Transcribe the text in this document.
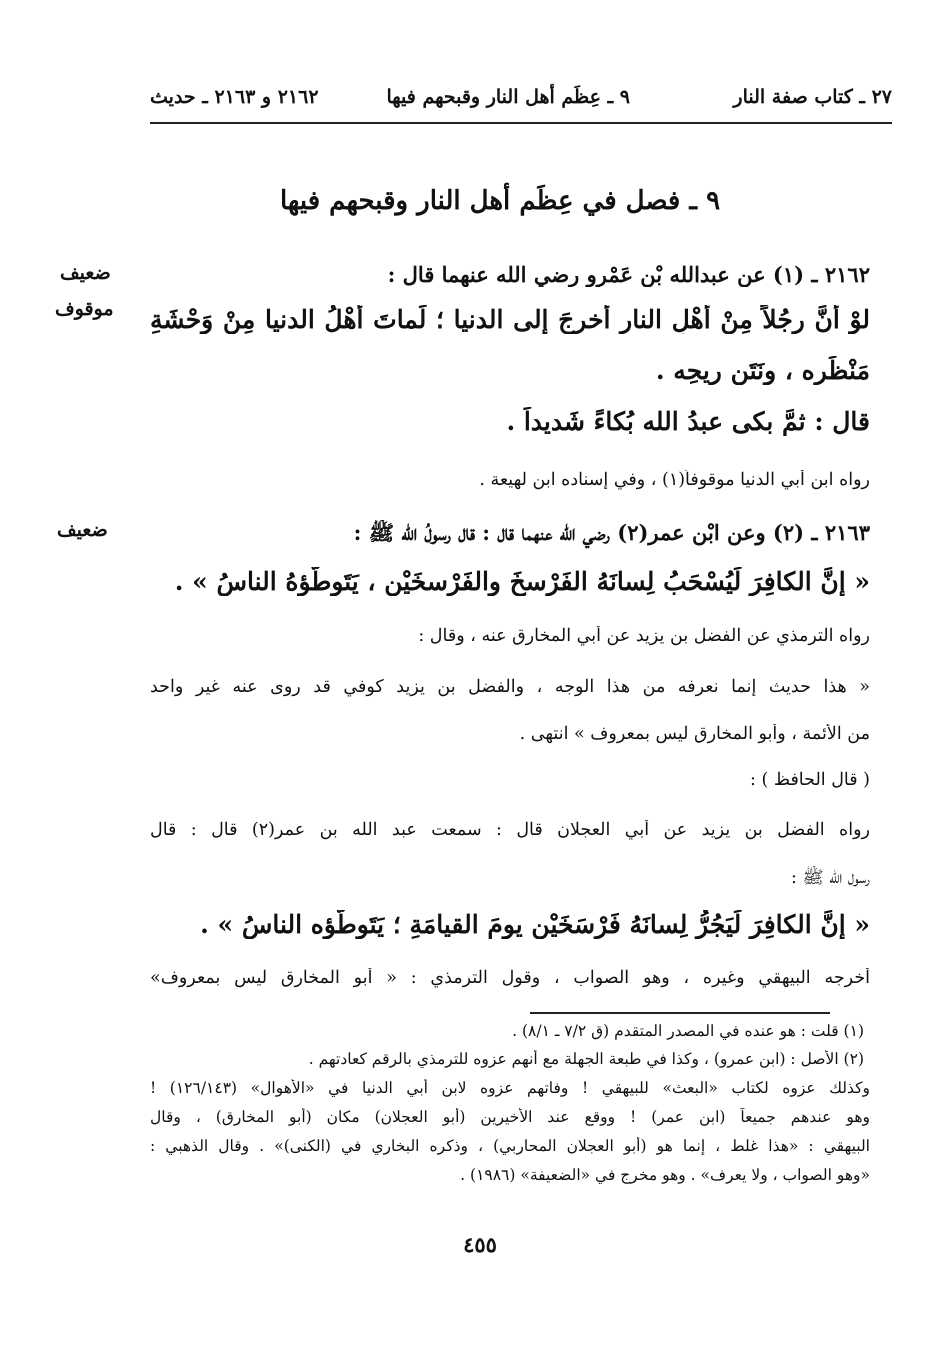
٢٧ ـ كتاب صفة النار
٩ ـ عِظَم أهل النار وقبحهم فيها
٢١٦٢ و ٢١٦٣ ـ حديث
٩ ـ فصل في عِظَم أهل النار وقبحهم فيها
ضعيف
موقوف
ضعيف
٢١٦٢ ـ (١) عن عبدالله بْن عَمْرو رضي الله عنهما قال :
لوْ أنَّ رجُلاً مِنْ أهْلِ النارِ أُخرِجَ إلى الدنيا ؛ لَماتَ أهْلُ الدنيا مِنْ وَحْشَةِ
مَنْظَرِه ، ونَتَنِ ريحِه .
قال : ثمَّ بكى عبدُ الله بُكاءً شَديداً .
رواه ابن أبي الدنيا موقوفاً(١) ، وفي إسناده ابن لهيعة .
٢١٦٣ ـ (٢) وعن ابْن عمر(٢) رضي الله عنهما قال : قال رسولُ الله ﷺ :
« إنَّ الكافِرَ لَيُسْحَبُ لِسانَهُ الفَرْسخَ والفَرْسخَيْن ، يَتَوطَّؤهُ الناسُ » .
رواه الترمذي عن الفضل بن يزيد عن أبي المخارق عنه ، وقال :
« هذا حديث إنما نعرفه من هذا الوجه ، والفضل بن يزيد كوفي قد روى عنه غير واحد
من الأئمة ، وأبو المخارق ليس بمعروف » انتهى .
( قال الحافظ ) :
رواه الفضل بن يزيد عن أبي العجلان قال : سمعت عبد الله بن عمر(٢) قال : قال
رسول الله ﷺ :
« إنَّ الكافِرَ لَيَجُرُّ لِسانَهُ فَرْسَخَيْنِ يومَ القيامَةِ ؛ يَتَوطَّؤه الناسُ » .
أخرجه البيهقي وغيره ، وهو الصواب ، وقول الترمذي : « أبو المخارق ليس بمعروف»
(١) قلت : هو عنده في المصدر المتقدم (ق ٧/٢ ـ ٨/١) .
(٢) الأصل : (ابن عمرو) ، وكذا في طبعة الجهلة مع أنهم عزوه للترمذي بالرقم كعادتهم .
وكذلك عزوه لكتاب «البعث» للبيهقي ! وفاتهم عزوه لابن أبي الدنيا في «الأهوال» (١٢٦/١٤٣) !
وهو عندهم جميعاً (ابن عمر) ! ووقع عند الأخيرين (أبو العجلان) مكان (أبو المخارق) ، وقال
البيهقي : «هذا غلط ، إنما هو (أبو العجلان المحاربي) ، وذكره البخاري في (الكنى)» . وقال الذهبي :
«وهو الصواب ، ولا يعرف» . وهو مخرج في «الضعيفة» (١٩٨٦) .
٤٥٥
